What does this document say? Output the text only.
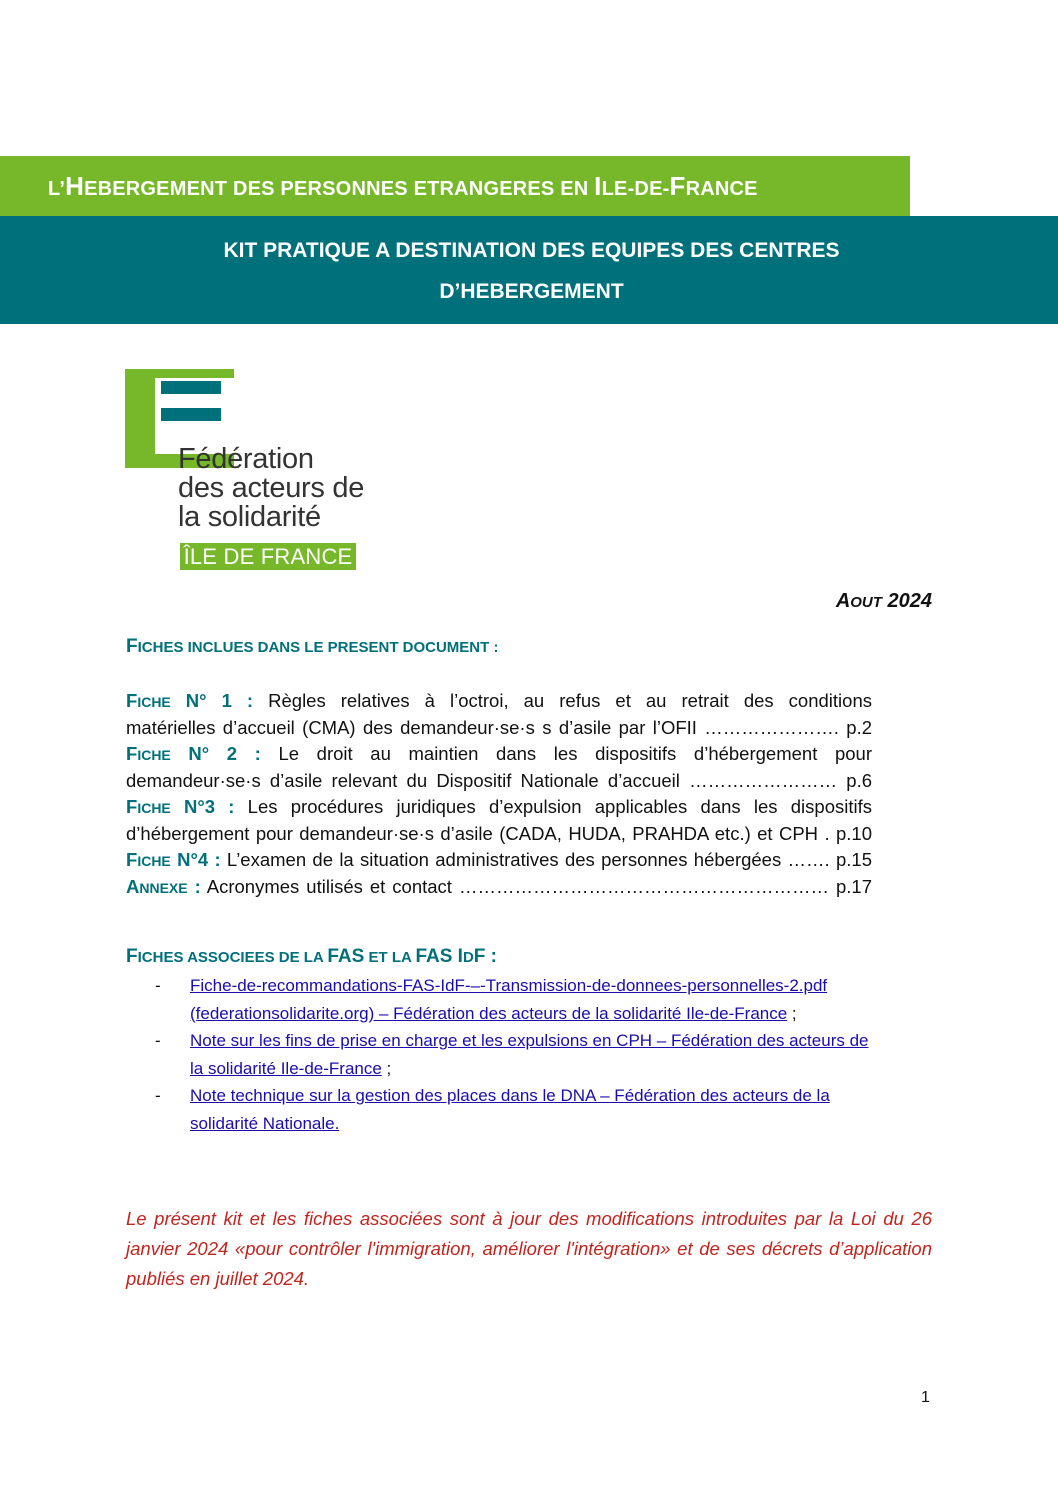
L’HEBERGEMENT DES PERSONNES ETRANGERES EN ILE-DE-FRANCE
KIT PRATIQUE A DESTINATION DES EQUIPES DES CENTRES
D’HEBERGEMENT
Fédération
des acteurs de
la solidarité
ÎLE DE FRANCE
AOUT 2024
FICHES INCLUES DANS LE PRESENT DOCUMENT :
FICHE N° 1 : Règles relatives à l’octroi, au refus et au retrait des conditions
matérielles d’accueil (CMA) des demandeur·se·s s d’asile par l’OFII …………………. p.2
FICHE N° 2 : Le droit au maintien dans les dispositifs d’hébergement pour
demandeur·se·s d’asile relevant du Dispositif Nationale d’accueil …………………… p.6
FICHE N°3 : Les procédures juridiques d’expulsion applicables dans les dispositifs
d’hébergement pour demandeur·se·s d’asile (CADA, HUDA, PRAHDA etc.) et CPH . p.10
FICHE N°4 : L’examen de la situation administratives des personnes hébergées ……. p.15
ANNEXE : Acronymes utilisés et contact …………………………………………………… p.17
FICHES ASSOCIEES DE LA FAS ET LA FAS IDF :
- Fiche-de-recommandations-FAS-IdF-–-Transmission-de-donnees-personnelles-2.pdf
(federationsolidarite.org) – Fédération des acteurs de la solidarité Ile-de-France ;
- Note sur les fins de prise en charge et les expulsions en CPH – Fédération des acteurs de
la solidarité Ile-de-France ;
- Note technique sur la gestion des places dans le DNA – Fédération des acteurs de la
solidarité Nationale.
Le présent kit et les fiches associées sont à jour des modifications introduites par la Loi du 26 janvier 2024 «pour contrôler l'immigration, améliorer l'intégration» et de ses décrets d’application publiés en juillet 2024.
1
